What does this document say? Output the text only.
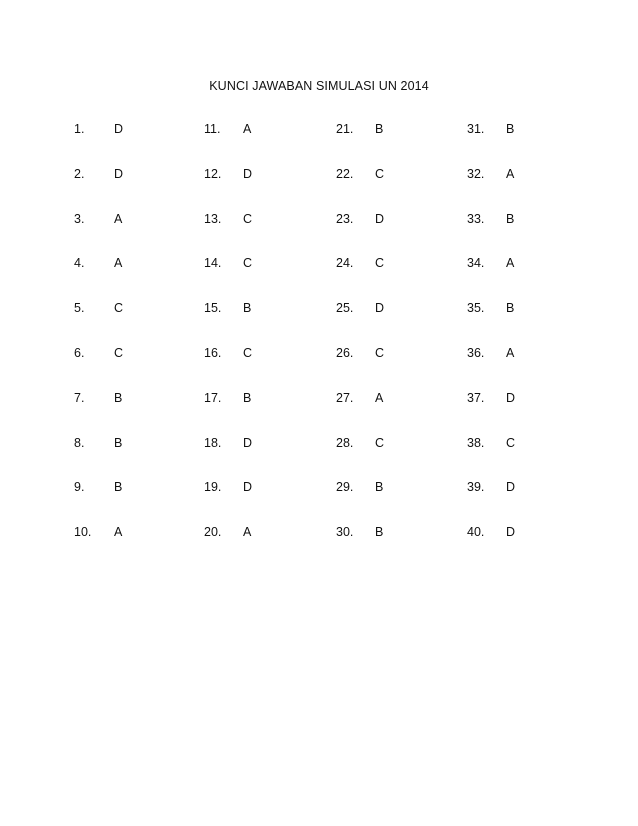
KUNCI JAWABAN SIMULASI UN 2014
1.	D	11.	A	21.	B	31.	B
2.	D	12.	D	22.	C	32.	A
3.	A	13.	C	23.	D	33.	B
4.	A	14.	C	24.	C	34.	A
5.	C	15.	B	25.	D	35.	B
6.	C	16.	C	26.	C	36.	A
7.	B	17.	B	27.	A	37.	D
8.	B	18.	D	28.	C	38.	C
9.	B	19.	D	29.	B	39.	D
10.	A	20.	A	30.	B	40.	D
